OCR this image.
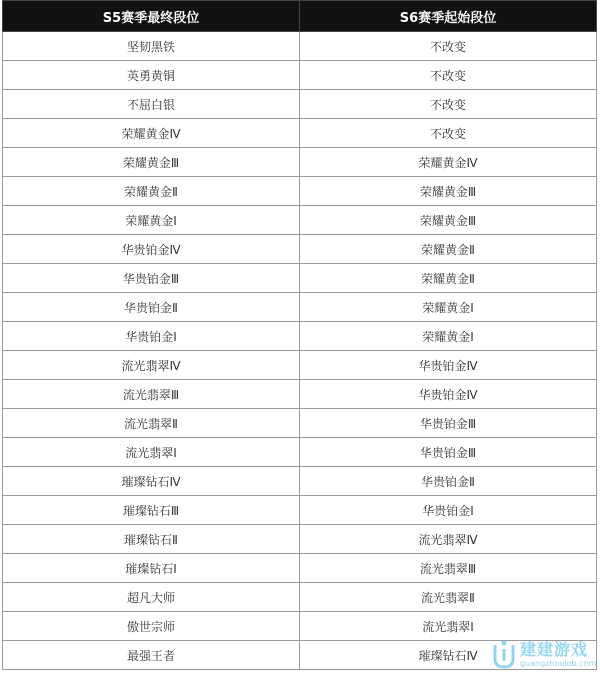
S5赛季最终段位	S6赛季起始段位
坚韧黑铁	不改变
英勇黄铜	不改变
不屈白银	不改变
荣耀黄金Ⅳ	不改变
荣耀黄金Ⅲ	荣耀黄金Ⅳ
荣耀黄金Ⅱ	荣耀黄金Ⅲ
荣耀黄金Ⅰ	荣耀黄金Ⅲ
华贵铂金Ⅳ	荣耀黄金Ⅱ
华贵铂金Ⅲ	荣耀黄金Ⅱ
华贵铂金Ⅱ	荣耀黄金Ⅰ
华贵铂金Ⅰ	荣耀黄金Ⅰ
流光翡翠Ⅳ	华贵铂金Ⅳ
流光翡翠Ⅲ	华贵铂金Ⅳ
流光翡翠Ⅱ	华贵铂金Ⅲ
流光翡翠Ⅰ	华贵铂金Ⅲ
璀璨钻石Ⅳ	华贵铂金Ⅱ
璀璨钻石Ⅲ	华贵铂金Ⅰ
璀璨钻石Ⅱ	流光翡翠Ⅳ
璀璨钻石Ⅰ	流光翡翠Ⅲ
超凡大师	流光翡翠Ⅱ
傲世宗师	流光翡翠Ⅰ
最强王者	璀璨钻石Ⅳ	建建游戏
guangzhoujob.com
